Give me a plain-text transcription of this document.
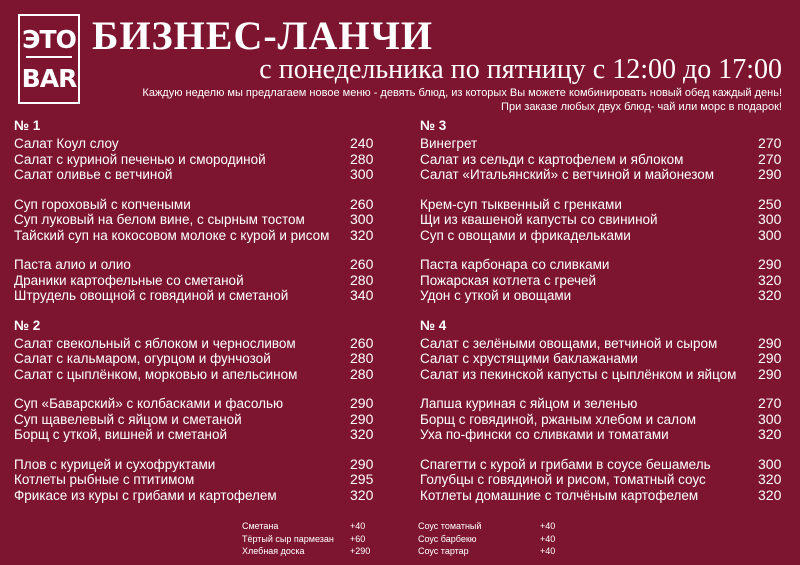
ЭТО
BAR
БИЗНЕС-ЛАНЧИ
с понедельника по пятницу с 12:00 до 17:00
Каждую неделю мы предлагаем новое меню - девять блюд, из которых Вы можете комбинировать новый обед каждый день!
При заказе любых двух блюд- чай или морс в подарок!
№ 1
Салат Коул слоу	240
Салат с куриной печенью и смородиной	280
Салат оливье с ветчиной	300
Суп гороховый с копчеными	260
Суп луковый на белом вине, с сырным тостом	300
Тайский суп на кокосовом молоке с курой и рисом 320
Паста алио и олио	260
Драники картофельные со сметаной	280
Штрудель овощной с говядиной и сметаной	340
№ 2
Салат свекольный с яблоком и черносливом	260
Салат с кальмаром, огурцом и фунчозой	280
Салат с цыплёнком, морковью и апельсином	280
Суп «Баварский» с колбасками и фасолью	290
Суп щавелевый с яйцом и сметаной	290
Борщ с уткой, вишней и сметаной	320
Плов с курицей и сухофруктами	290
Котлеты рыбные с птитимом	295
Фрикасе из куры с грибами и картофелем	320
№ 3
Винегрет	270
Салат из сельди с картофелем и яблоком	270
Салат «Итальянский» с ветчиной и майонезом	290
Крем-суп тыквенный с гренками	250
Щи из квашеной капусты со свининой	300
Суп с овощами и фрикадельками	300
Паста карбонара со сливками	290
Пожарская котлета с гречей	320
Удон с уткой и овощами	320
№ 4
Салат с зелёными овощами, ветчиной и сыром	290
Салат с хрустящими баклажанами	290
Салат из пекинской капусты с цыплёнком и яйцом 290
Лапша куриная с яйцом и зеленью	270
Борщ с говядиной, ржаным хлебом и салом	300
Уха по-фински со сливками и томатами	320
Спагетти с курой и грибами в соусе бешамель	300
Голубцы с говядиной и рисом, томатный соус	320
Котлеты домашние с толчёным картофелем	320
Сметана	+40
Тёртый сыр пармезан	+60
Хлебная доска	+290
Соус томатный	+40
Соус барбекю	+40
Соус тартар	+40
